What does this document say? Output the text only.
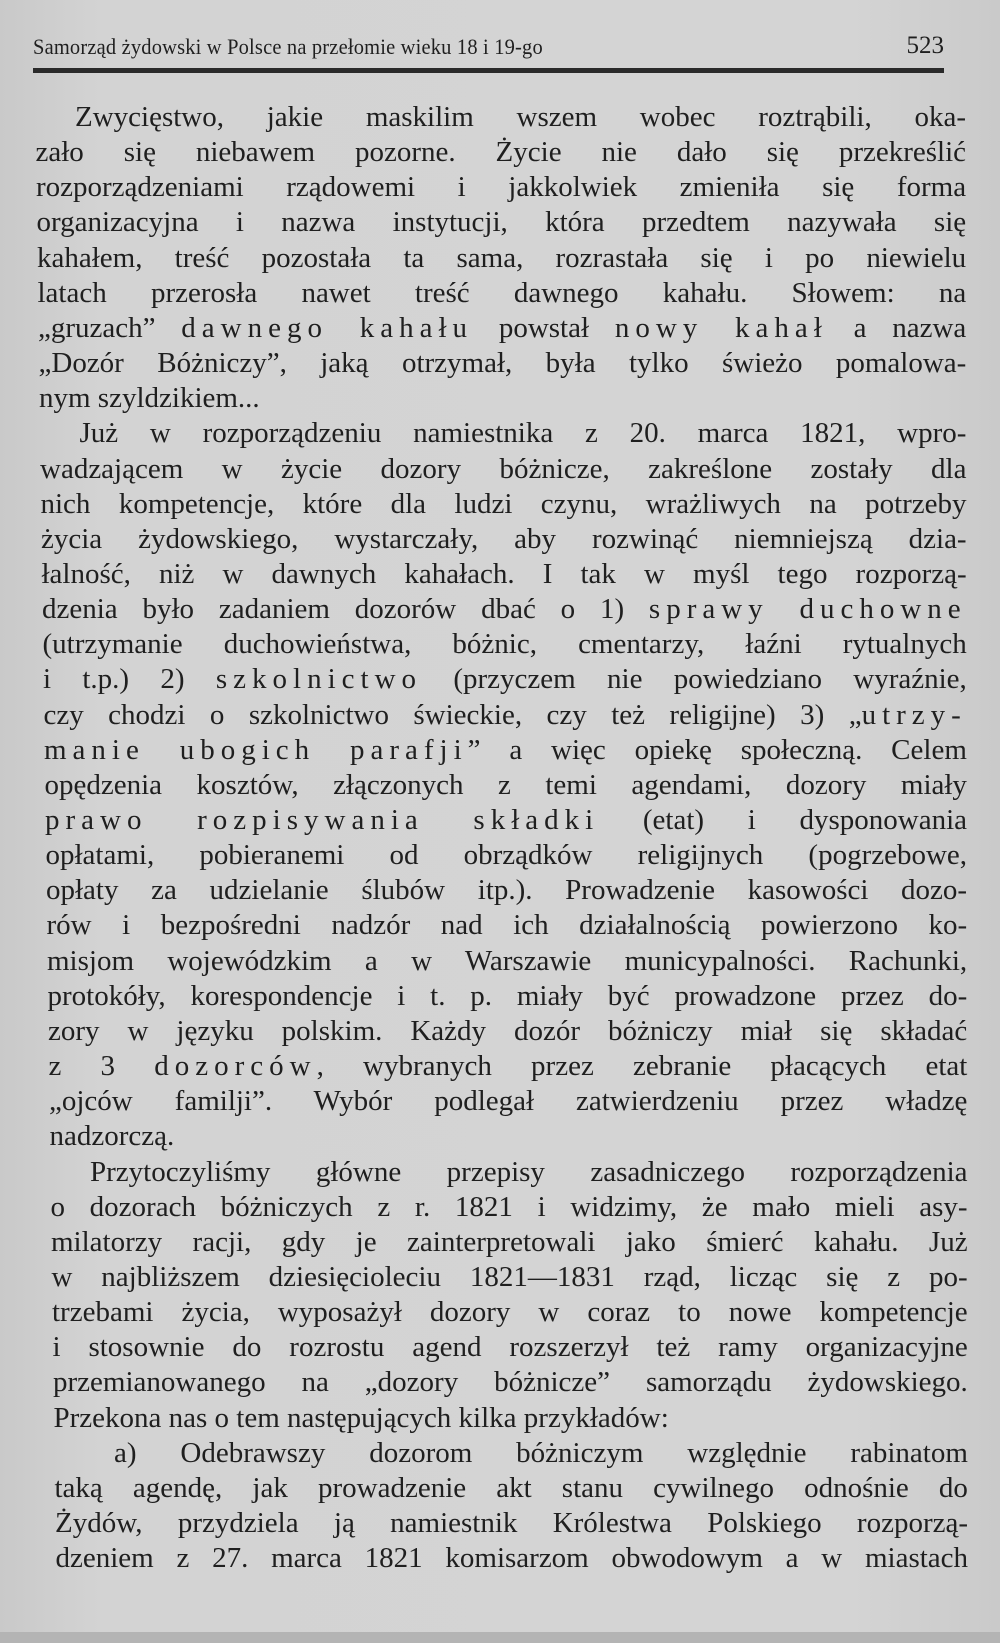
Samorząd żydowski w Polsce na przełomie wieku 18 i 19-go	523
Zwycięstwo, jakie maskilim wszem wobec roztrąbili, oka-
zało się niebawem pozorne. Życie nie dało się przekreślić
rozporządzeniami rządowemi i jakkolwiek zmieniła się forma
organizacyjna i nazwa instytucji, która przedtem nazywała się
kahałem, treść pozostała ta sama, rozrastała się i po niewielu
latach przerosła nawet treść dawnego kahału. Słowem: na
„gruzach” dawnego kahału powstał nowy kahał a nazwa
„Dozór Bóżniczy”, jaką otrzymał, była tylko świeżo pomalowa-
nym szyldzikiem...
Już w rozporządzeniu namiestnika z 20. marca 1821, wpro-
wadzającem w życie dozory bóżnicze, zakreślone zostały dla
nich kompetencje, które dla ludzi czynu, wrażliwych na potrzeby
życia żydowskiego, wystarczały, aby rozwinąć niemniejszą dzia-
łalność, niż w dawnych kahałach. I tak w myśl tego rozporzą-
dzenia było zadaniem dozorów dbać o 1) sprawy duchowne
(utrzymanie duchowieństwa, bóżnic, cmentarzy, łaźni rytualnych
i t.p.) 2) szkolnictwo (przyczem nie powiedziano wyraźnie,
czy chodzi o szkolnictwo świeckie, czy też religijne) 3) „utrzy-
manie ubogich parafji” a więc opiekę społeczną. Celem
opędzenia kosztów, złączonych z temi agendami, dozory miały
prawo rozpisywania składki (etat) i dysponowania
opłatami, pobieranemi od obrządków religijnych (pogrzebowe,
opłaty za udzielanie ślubów itp.). Prowadzenie kasowości dozo-
rów i bezpośredni nadzór nad ich działalnością powierzono ko-
misjom wojewódzkim a w Warszawie municypalności. Rachunki,
protokóły, korespondencje i t. p. miały być prowadzone przez do-
zory w języku polskim. Każdy dozór bóżniczy miał się składać
z 3 dozorców, wybranych przez zebranie płacących etat
„ojców familji”. Wybór podlegał zatwierdzeniu przez władzę
nadzorczą.
Przytoczyliśmy główne przepisy zasadniczego rozporządzenia
o dozorach bóżniczych z r. 1821 i widzimy, że mało mieli asy-
milatorzy racji, gdy je zainterpretowali jako śmierć kahału. Już
w najbliższem dziesięcioleciu 1821—1831 rząd, licząc się z po-
trzebami życia, wyposażył dozory w coraz to nowe kompetencje
i stosownie do rozrostu agend rozszerzył też ramy organizacyjne
przemianowanego na „dozory bóżnicze” samorządu żydowskiego.
Przekona nas o tem następujących kilka przykładów:
a) Odebrawszy dozorom bóżniczym względnie rabinatom
taką agendę, jak prowadzenie akt stanu cywilnego odnośnie do
Żydów, przydziela ją namiestnik Królestwa Polskiego rozporzą-
dzeniem z 27. marca 1821 komisarzom obwodowym a w miastach
